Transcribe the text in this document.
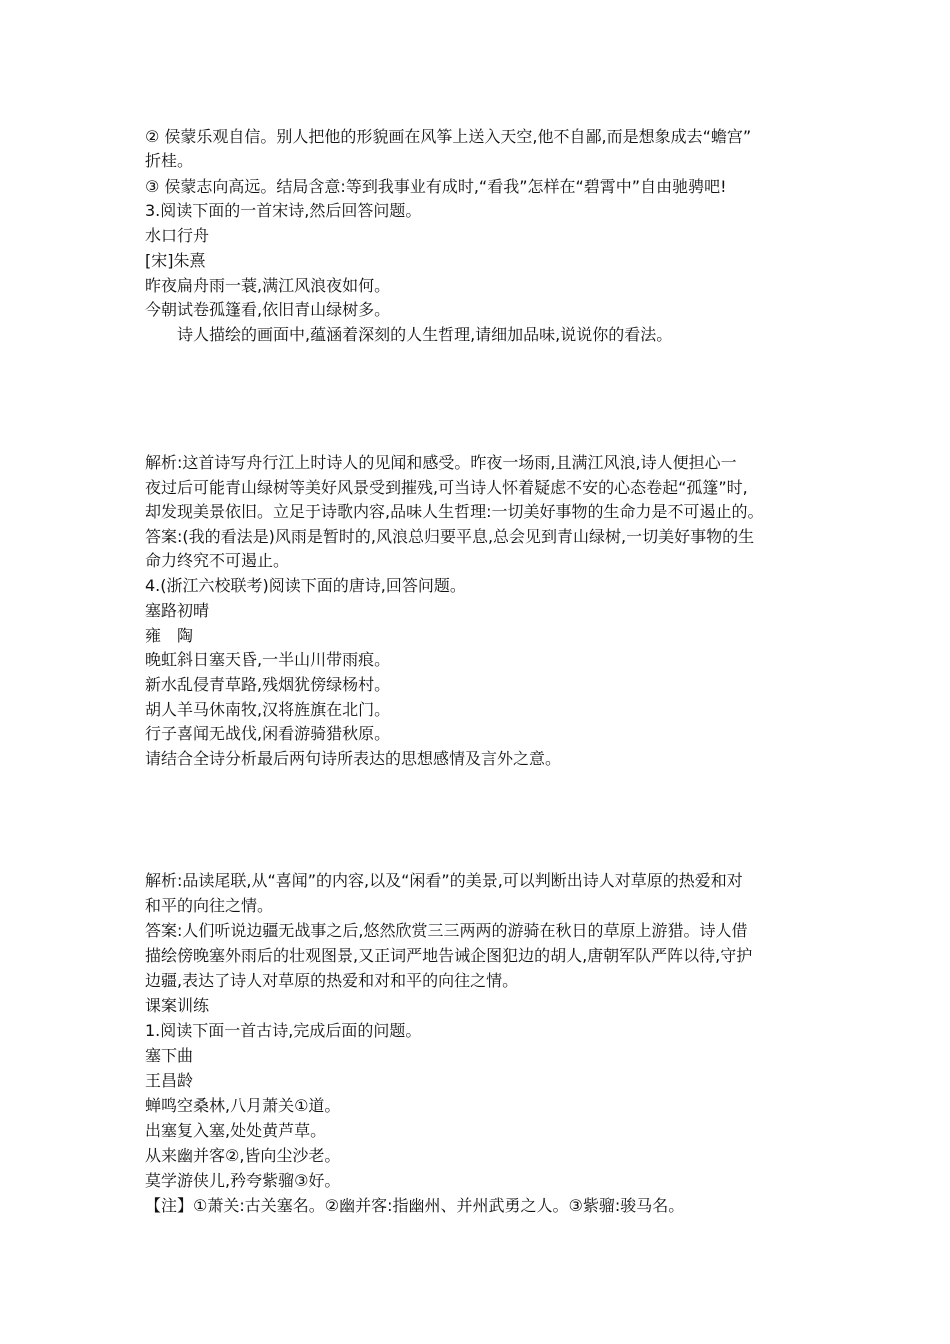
② 侯蒙乐观自信。别人把他的形貌画在风筝上送入天空,他不自鄙,而是想象成去“蟾宫”
折桂。
③ 侯蒙志向高远。结局含意:等到我事业有成时,“看我”怎样在“碧霄中”自由驰骋吧!
3.阅读下面的一首宋诗,然后回答问题。
水口行舟
[宋]朱熹
昨夜扁舟雨一蓑,满江风浪夜如何。
今朝试卷孤篷看,依旧青山绿树多。
诗人描绘的画面中,蕴涵着深刻的人生哲理,请细加品味,说说你的看法。
解析:这首诗写舟行江上时诗人的见闻和感受。昨夜一场雨,且满江风浪,诗人便担心一
夜过后可能青山绿树等美好风景受到摧残,可当诗人怀着疑虑不安的心态卷起“孤篷”时,
却发现美景依旧。立足于诗歌内容,品味人生哲理:一切美好事物的生命力是不可遏止的。
答案:(我的看法是)风雨是暂时的,风浪总归要平息,总会见到青山绿树,一切美好事物的生
命力终究不可遏止。
4.(浙江六校联考)阅读下面的唐诗,回答问题。
塞路初晴
雍　陶
晚虹斜日塞天昏,一半山川带雨痕。
新水乱侵青草路,残烟犹傍绿杨村。
胡人羊马休南牧,汉将旌旗在北门。
行子喜闻无战伐,闲看游骑猎秋原。
请结合全诗分析最后两句诗所表达的思想感情及言外之意。
解析:品读尾联,从“喜闻”的内容,以及“闲看”的美景,可以判断出诗人对草原的热爱和对
和平的向往之情。
答案:人们听说边疆无战事之后,悠然欣赏三三两两的游骑在秋日的草原上游猎。诗人借
描绘傍晚塞外雨后的壮观图景,又正词严地告诫企图犯边的胡人,唐朝军队严阵以待,守护
边疆,表达了诗人对草原的热爱和对和平的向往之情。
课案训练
1.阅读下面一首古诗,完成后面的问题。
塞下曲
王昌龄
蝉鸣空桑林,八月萧关①道。
出塞复入塞,处处黄芦草。
从来幽并客②,皆向尘沙老。
莫学游侠儿,矜夸紫骝③好。
【注】①萧关:古关塞名。②幽并客:指幽州、并州武勇之人。③紫骝:骏马名。
